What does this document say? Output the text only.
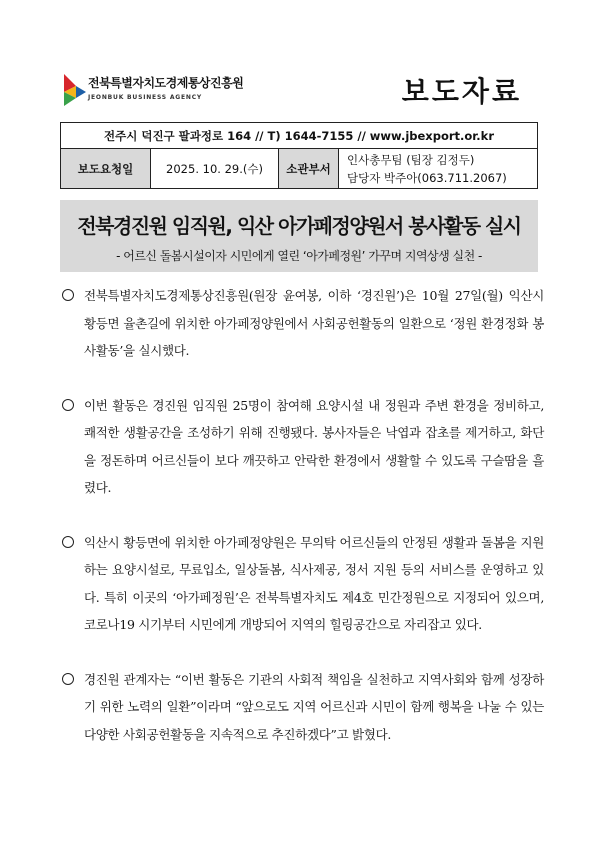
전북특별자치도경제통상진흥원
JEONBUK BUSINESS AGENCY	보도자료
전주시 덕진구 팔과정로 164 // T) 1644-7155 // www.jbexport.or.kr
보도요청일	2025. 10. 29.(수)	소관부서	
인사총무팀 (팀장 김정두)
담당자 박주아(063.711.2067)
전북경진원 임직원, 익산 아가페정양원서 봉사활동 실시
- 어르신 돌봄시설이자 시민에게 열린 ‘아가페정원’ 가꾸며 지역상생 실천 -
전북특별자치도경제통상진흥원(원장 윤여봉, 이하 ‘경진원’)은 10월 27일(월) 익산시 황등면 율촌길에 위치한 아가페정양원에서 사회공헌활동의 일환으로 ‘정원 환경정화 봉사활동’을 실시했다.
이번 활동은 경진원 임직원 25명이 참여해 요양시설 내 정원과 주변 환경을 정비하고, 쾌적한 생활공간을 조성하기 위해 진행됐다. 봉사자들은 낙엽과 잡초를 제거하고, 화단을 정돈하며 어르신들이 보다 깨끗하고 안락한 환경에서 생활할 수 있도록 구슬땀을 흘렸다.
익산시 황등면에 위치한 아가페정양원은 무의탁 어르신들의 안정된 생활과 돌봄을 지원하는 요양시설로, 무료입소, 일상돌봄, 식사제공, 정서 지원 등의 서비스를 운영하고 있다. 특히 이곳의 ‘아가페정원’은 전북특별자치도 제4호 민간정원으로 지정되어 있으며, 코로나19 시기부터 시민에게 개방되어 지역의 힐링공간으로 자리잡고 있다.
경진원 관계자는 “이번 활동은 기관의 사회적 책임을 실천하고 지역사회와 함께 성장하기 위한 노력의 일환”이라며 “앞으로도 지역 어르신과 시민이 함께 행복을 나눌 수 있는 다양한 사회공헌활동을 지속적으로 추진하겠다”고 밝혔다.
